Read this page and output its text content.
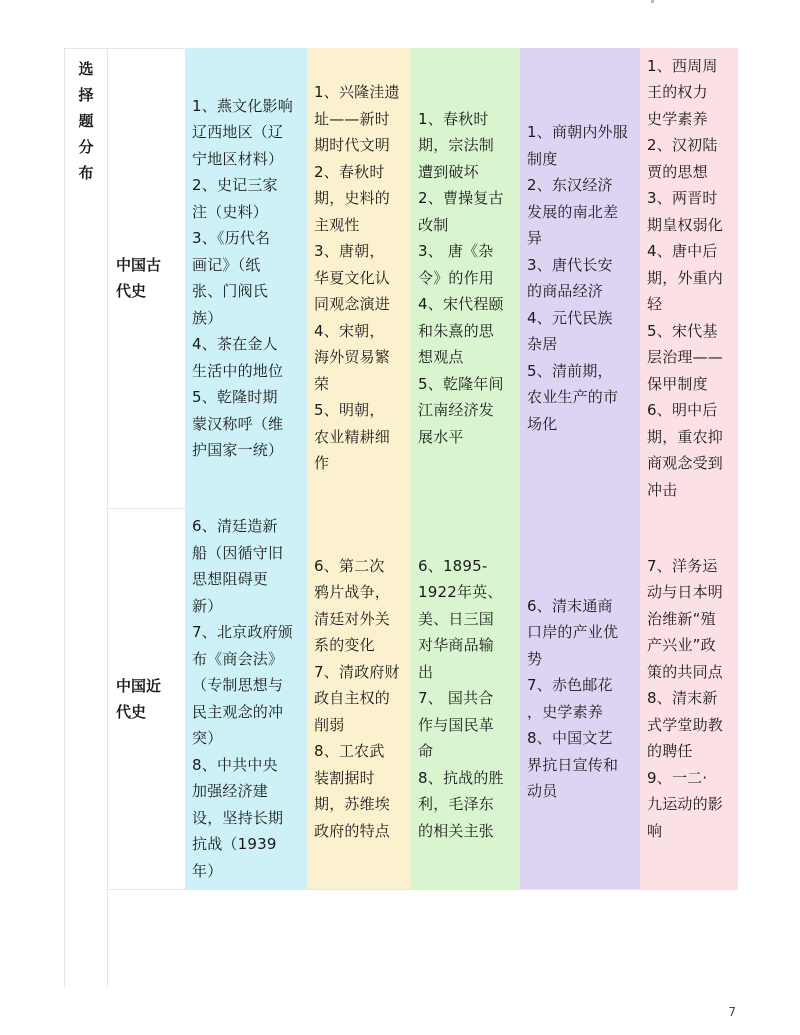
选
择
题
分
布
中国古
代史
中国近
代史
1、燕文化影响
辽西地区（辽
宁地区材料）
2、史记三家
注（史料）
3、《历代名
画记》（纸
张、门阀氏
族）
4、茶在金人
生活中的地位
5、乾隆时期
蒙汉称呼（维
护国家一统）
1、兴隆洼遗
址——新时
期时代文明
2、春秋时
期，史料的
主观性
3、唐朝，
华夏文化认
同观念演进
4、宋朝，
海外贸易繁
荣
5、明朝，
农业精耕细
作
1、春秋时
期，宗法制
遭到破坏
2、曹操复古
改制
3、 唐《杂
令》的作用
4、宋代程颐
和朱熹的思
想观点
5、乾隆年间
江南经济发
展水平
1、商朝内外服
制度
2、东汉经济
发展的南北差
异
3、唐代长安
的商品经济
4、元代民族
杂居
5、清前期，
农业生产的市
场化
1、西周周
王的权力
史学素养
2、汉初陆
贾的思想
3、两晋时
期皇权弱化
4、唐中后
期，外重内
轻
5、宋代基
层治理——
保甲制度
6、明中后
期，重农抑
商观念受到
冲击
6、清廷造新
船（因循守旧
思想阻碍更
新）
7、北京政府颁
布《商会法》
（专制思想与
民主观念的冲
突）
8、中共中央
加强经济建
设，坚持长期
抗战（1939
年）
6、第二次
鸦片战争，
清廷对外关
系的变化
7、清政府财
政自主权的
削弱
8、工农武
装割据时
期，苏维埃
政府的特点
6、1895-
1922年英、
美、日三国
对华商品输
出
7、 国共合
作与国民革
命
8、抗战的胜
利，毛泽东
的相关主张
6、清末通商
口岸的产业优
势
7、赤色邮花
，史学素养
8、中国文艺
界抗日宣传和
动员
7、洋务运
动与日本明
治维新“殖
产兴业”政
策的共同点
8、清末新
式学堂助教
的聘任
9、一二·
九运动的影
响
7
